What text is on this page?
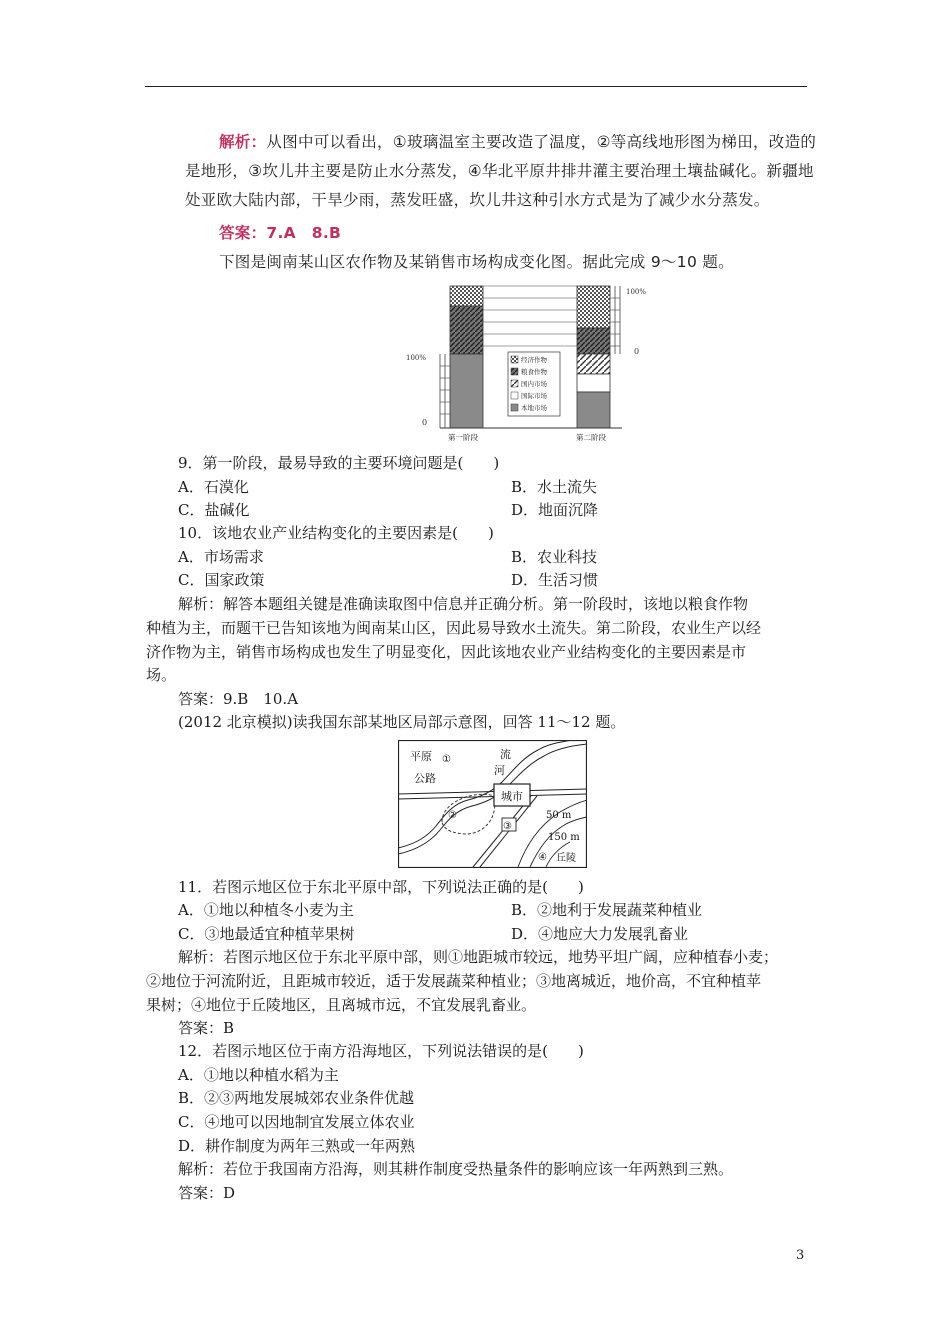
解析：从图中可以看出，①玻璃温室主要改造了温度，②等高线地形图为梯田，改造的
是地形，③坎儿井主要是防止水分蒸发，④华北平原井排井灌主要治理土壤盐碱化。新疆地
处亚欧大陆内部，干旱少雨，蒸发旺盛，坎儿井这种引水方式是为了减少水分蒸发。
答案：7.A　8.B
下图是闽南某山区农作物及某销售市场构成变化图。据此完成 9～10 题。
100%
0
经济作物
粮食作物
国内市场
国际市场
本地市场
100%
0
第一阶段	第二阶段
9．第一阶段，最易导致的主要环境问题是(　　)
A．石漠化	B．水土流失
C．盐碱化	D．地面沉降
10．该地农业产业结构变化的主要因素是(　　)
A．市场需求	B．农业科技
C．国家政策	D．生活习惯
解析：解答本题组关键是准确读取图中信息并正确分析。第一阶段时，该地以粮食作物
种植为主，而题干已告知该地为闽南某山区，因此易导致水土流失。第二阶段，农业生产以经
济作物为主，销售市场构成也发生了明显变化，因此该地农业产业结构变化的主要因素是市
场。
答案：9.B　10.A
(2012 北京模拟)读我国东部某地区局部示意图，回答 11～12 题。
城市
③
平原 ①
公路
流
河
②	50 m
150 m
④ 丘陵
11．若图示地区位于东北平原中部，下列说法正确的是(　　)
A．①地以种植冬小麦为主	B．②地利于发展蔬菜种植业
C．③地最适宜种植苹果树	D．④地应大力发展乳畜业
解析：若图示地区位于东北平原中部，则①地距城市较远，地势平坦广阔，应种植春小麦；
②地位于河流附近，且距城市较近，适于发展蔬菜种植业；③地离城近，地价高，不宜种植苹
果树；④地位于丘陵地区，且离城市远，不宜发展乳畜业。
答案：B
12．若图示地区位于南方沿海地区，下列说法错误的是(　　)
A．①地以种植水稻为主
B．②③两地发展城郊农业条件优越
C．④地可以因地制宜发展立体农业
D．耕作制度为两年三熟或一年两熟
解析：若位于我国南方沿海，则其耕作制度受热量条件的影响应该一年两熟到三熟。
答案：D
3
